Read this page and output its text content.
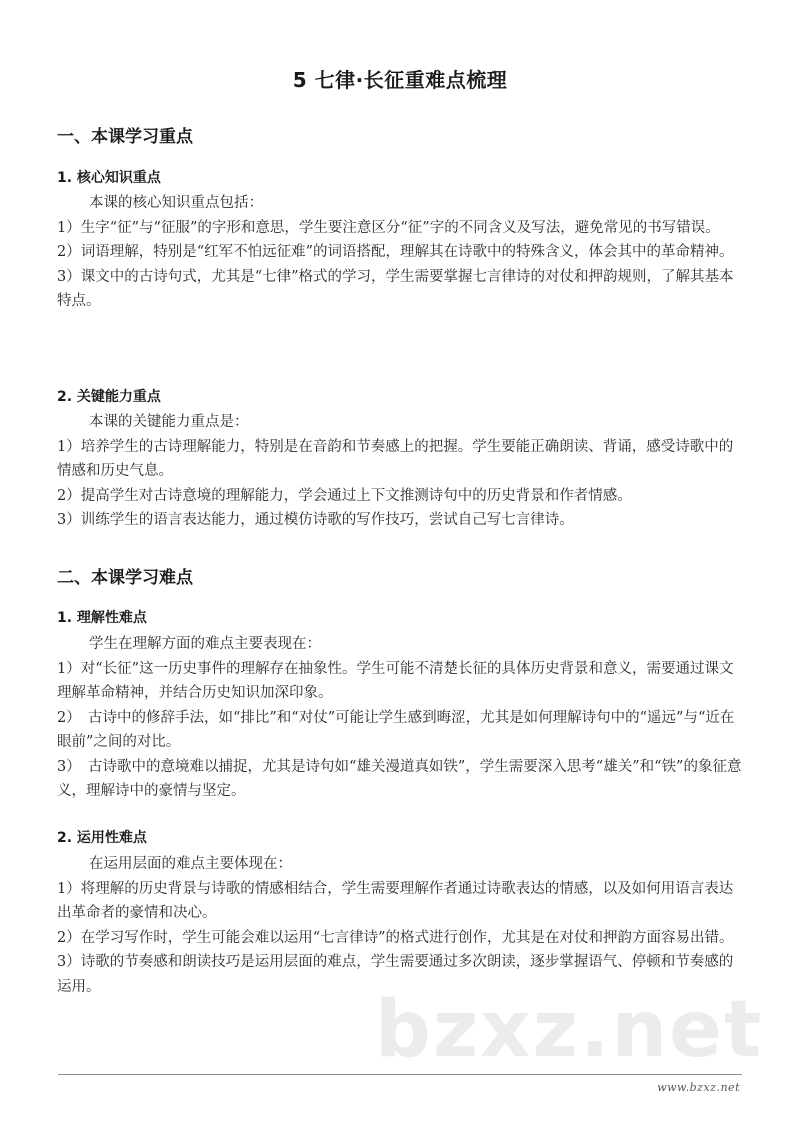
bzxz.net
5 七律·长征重难点梳理
一、本课学习重点
1. 核心知识重点

本课的核心知识重点包括：

1）生字“征”与“征服”的字形和意思，学生要注意区分“征”字的不同含义及写法，避免常见的书写错误。

2）词语理解，特别是“红军不怕远征难”的词语搭配，理解其在诗歌中的特殊含义，体会其中的革命精神。

3）课文中的古诗句式，尤其是“七律”格式的学习，学生需要掌握七言律诗的对仗和押韵规则，了解其基本特点。

2. 关键能力重点

本课的关键能力重点是：

1）培养学生的古诗理解能力，特别是在音韵和节奏感上的把握。学生要能正确朗读、背诵，感受诗歌中的情感和历史气息。

2）提高学生对古诗意境的理解能力，学会通过上下文推测诗句中的历史背景和作者情感。

3）训练学生的语言表达能力，通过模仿诗歌的写作技巧，尝试自己写七言律诗。

二、本课学习难点
1. 理解性难点

学生在理解方面的难点主要表现在：

1）对“长征”这一历史事件的理解存在抽象性。学生可能不清楚长征的具体历史背景和意义，需要通过课文理解革命精神，并结合历史知识加深印象。

2）　古诗中的修辞手法，如“排比”和“对仗”可能让学生感到晦涩，尤其是如何理解诗句中的“遥远”与“近在眼前”之间的对比。

3）　古诗歌中的意境难以捕捉，尤其是诗句如“雄关漫道真如铁”，学生需要深入思考“雄关”和“铁”的象征意义，理解诗中的豪情与坚定。

2. 运用性难点

在运用层面的难点主要体现在：

1）将理解的历史背景与诗歌的情感相结合，学生需要理解作者通过诗歌表达的情感，以及如何用语言表达出革命者的豪情和决心。

2）在学习写作时，学生可能会难以运用“七言律诗”的格式进行创作，尤其是在对仗和押韵方面容易出错。

3）诗歌的节奏感和朗读技巧是运用层面的难点，学生需要通过多次朗读，逐步掌握语气、停顿和节奏感的运用。

www.bzxz.net
